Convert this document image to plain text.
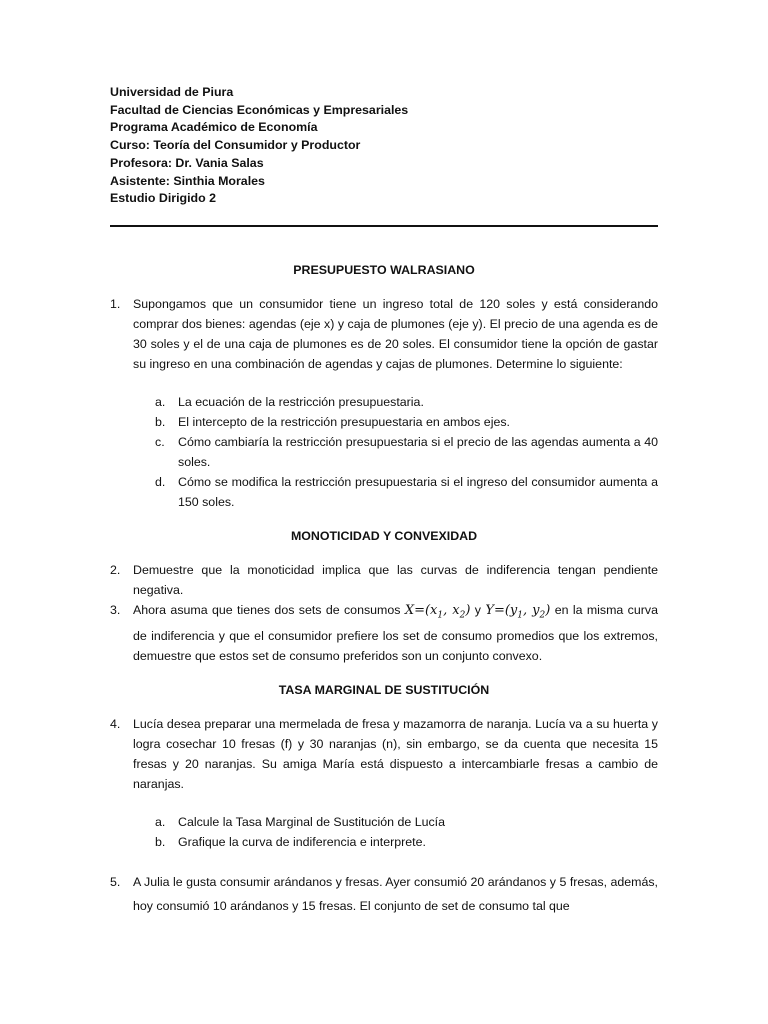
Universidad de Piura
Facultad de Ciencias Económicas y Empresariales
Programa Académico de Economía
Curso: Teoría del Consumidor y Productor
Profesora: Dr. Vania Salas
Asistente: Sinthia Morales
Estudio Dirigido 2
PRESUPUESTO WALRASIANO
1.	Supongamos que un consumidor tiene un ingreso total de 120 soles y está considerando comprar dos bienes: agendas (eje x) y caja de plumones (eje y). El precio de una agenda es de 30 soles y el de una caja de plumones es de 20 soles. El consumidor tiene la opción de gastar su ingreso en una combinación de agendas y cajas de plumones. Determine lo siguiente:
a.	La ecuación de la restricción presupuestaria.
b.	El intercepto de la restricción presupuestaria en ambos ejes.
c.	Cómo cambiaría la restricción presupuestaria si el precio de las agendas aumenta a 40 soles.
d.	Cómo se modifica la restricción presupuestaria si el ingreso del consumidor aumenta a 150 soles.
MONOTICIDAD Y CONVEXIDAD
2.	Demuestre que la monoticidad implica que las curvas de indiferencia tengan pendiente negativa.
3.	Ahora asuma que tienes dos sets de consumos $X=(x_1$, $x_2$) y $Y=(y_1$, $y_2$) en la misma curva de indiferencia y que el consumidor prefiere los set de consumo promedios que los extremos, demuestre que estos set de consumo preferidos son un conjunto convexo.
TASA MARGINAL DE SUSTITUCIÓN
4.	Lucía desea preparar una mermelada de fresa y mazamorra de naranja. Lucía va a su huerta y logra cosechar 10 fresas (f) y 30 naranjas (n), sin embargo, se da cuenta que necesita 15 fresas y 20 naranjas. Su amiga María está dispuesto a intercambiarle fresas a cambio de naranjas.
a.	Calcule la Tasa Marginal de Sustitución de Lucía
b.	Grafique la curva de indiferencia e interprete.
5.	A Julia le gusta consumir arándanos y fresas. Ayer consumió 20 arándanos y 5 fresas, además, hoy consumió 10 arándanos y 15 fresas. El conjunto de set de consumo tal que
